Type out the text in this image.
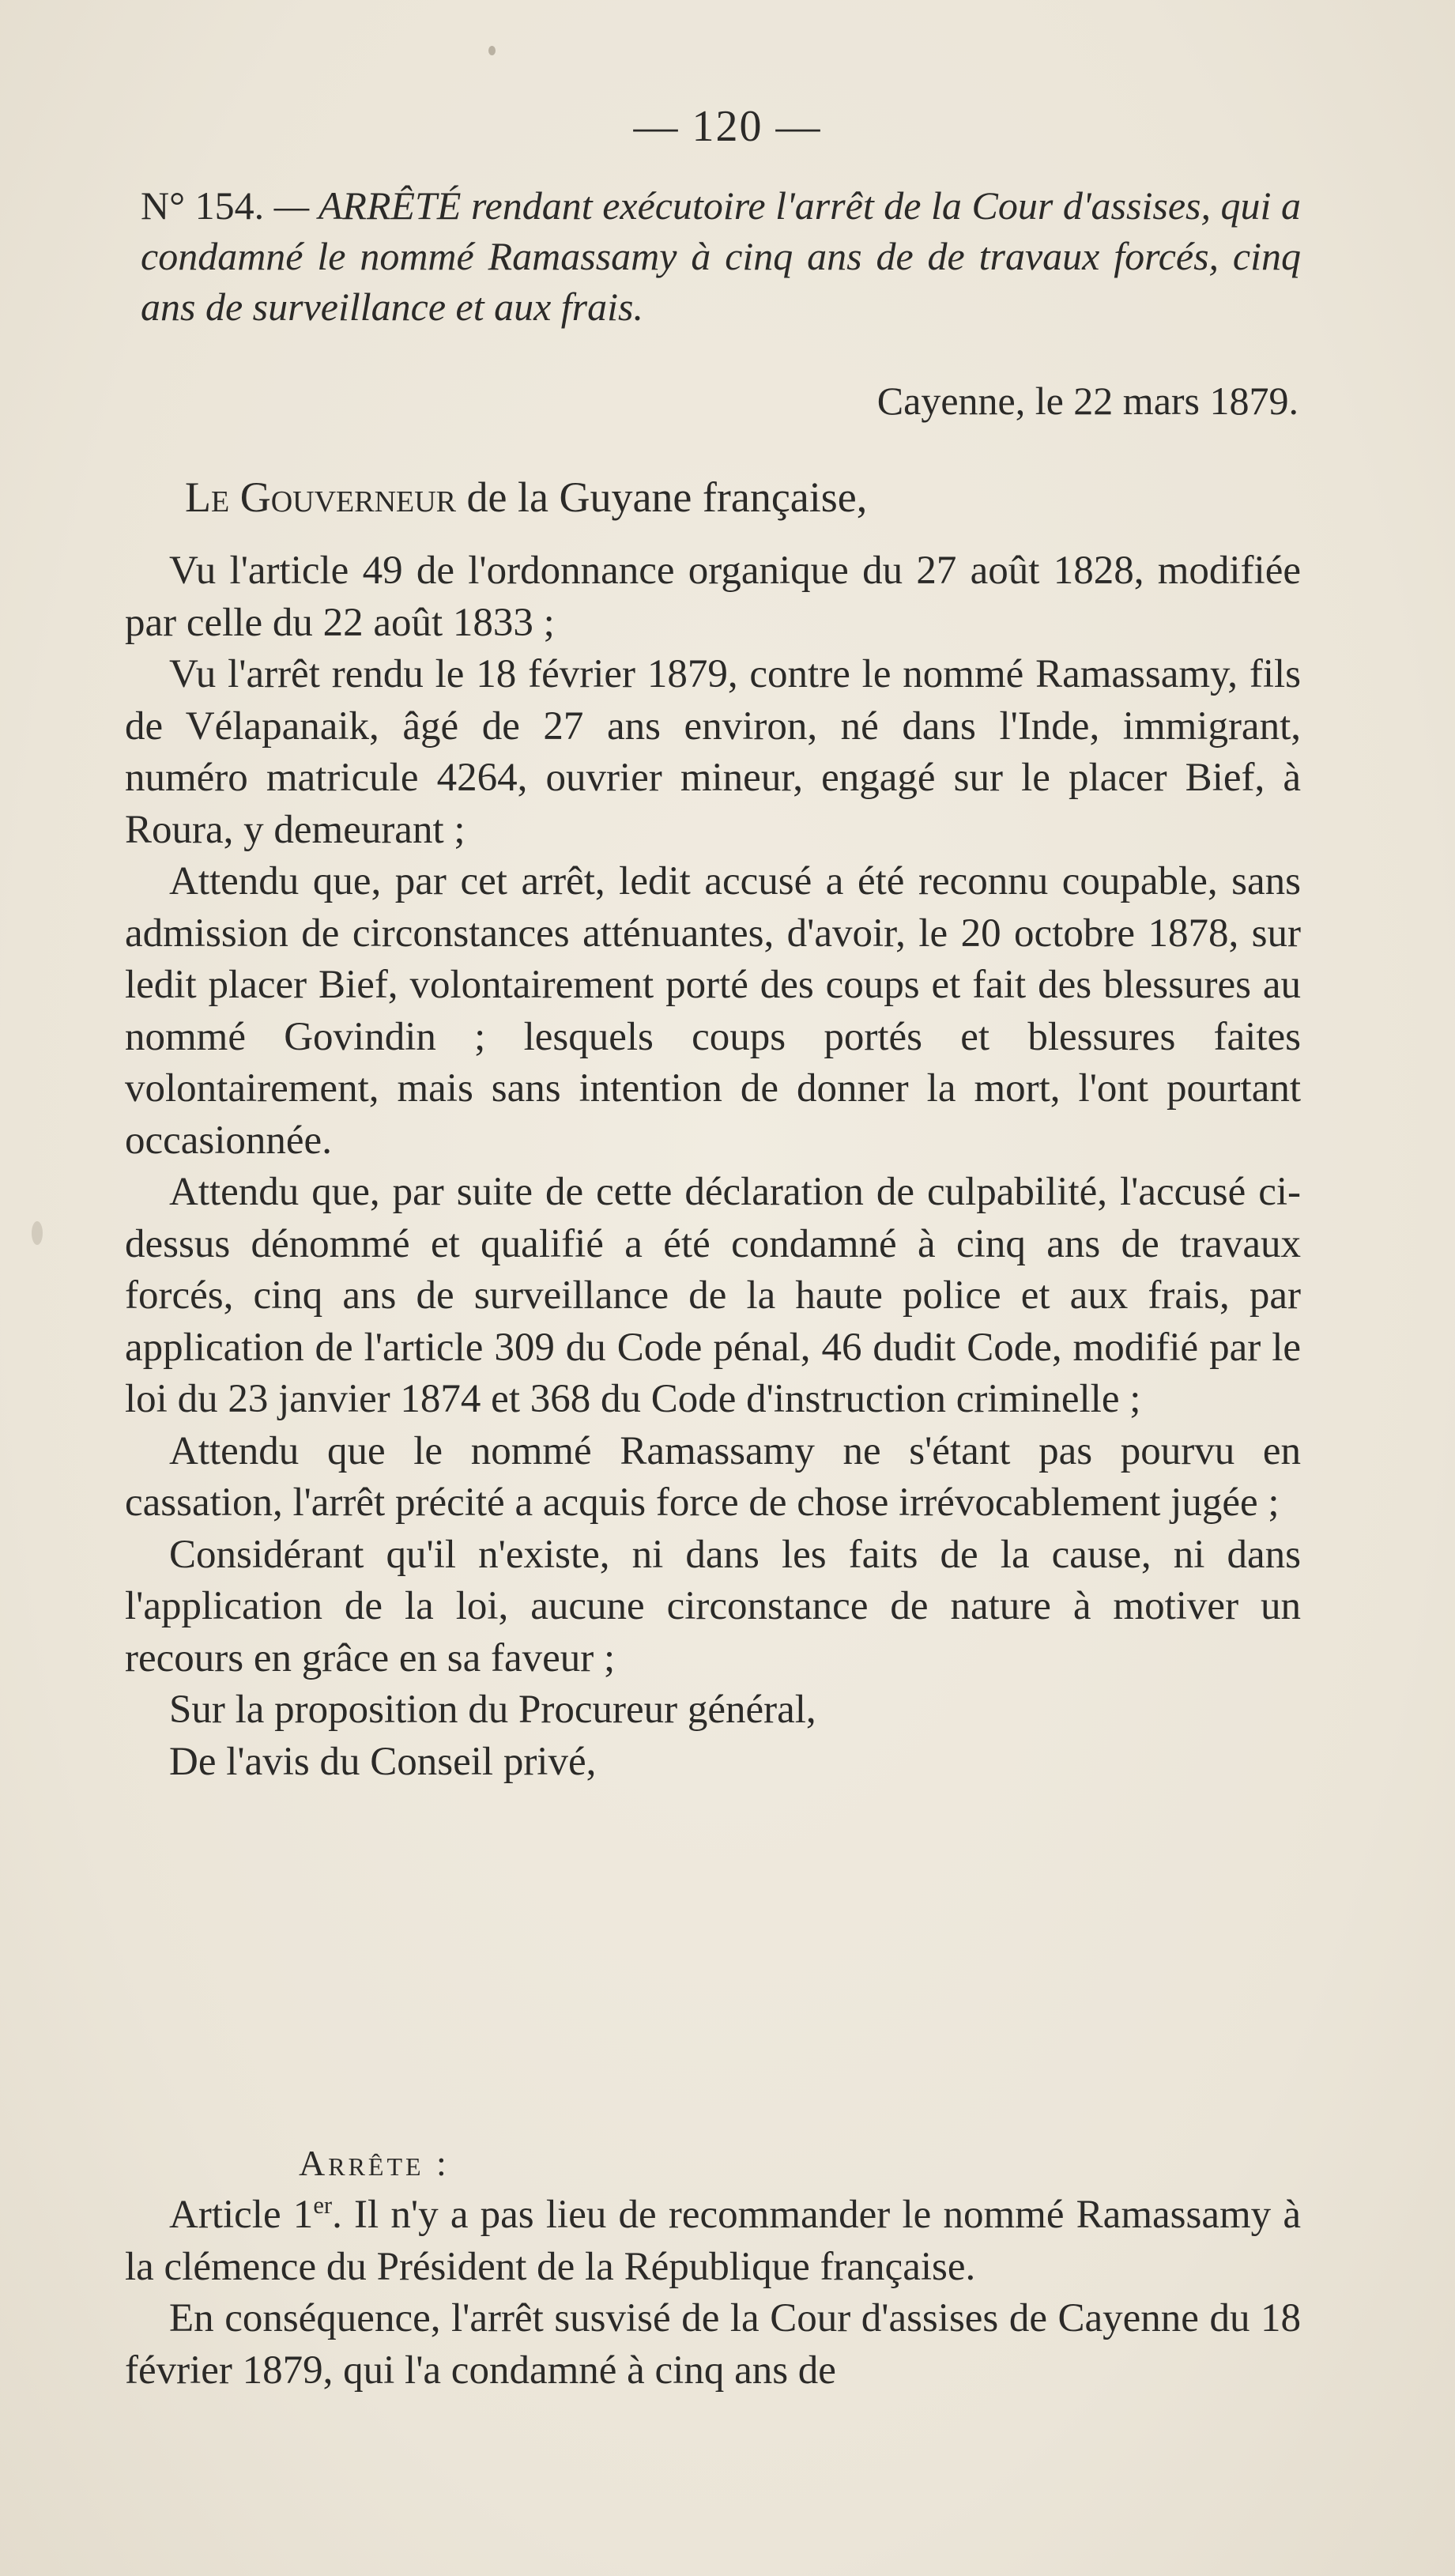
— 120 —
N° 154. — ARRÊTÉ rendant exécutoire l'arrêt de la Cour d'assises, qui a condamné le nommé Ramassamy à cinq ans de de travaux forcés, cinq ans de surveillance et aux frais.
Cayenne, le 22 mars 1879.
Le Gouverneur de la Guyane française,

Vu l'article 49 de l'ordonnance organique du 27 août 1828, modifiée par celle du 22 août 1833 ;

Vu l'arrêt rendu le 18 février 1879, contre le nommé Ramassamy, fils de Vélapanaik, âgé de 27 ans environ, né dans l'Inde, immigrant, numéro matricule 4264, ouvrier mineur, engagé sur le placer Bief, à Roura, y demeurant ;

Attendu que, par cet arrêt, ledit accusé a été reconnu coupable, sans admission de circonstances atténuantes, d'avoir, le 20 octobre 1878, sur ledit placer Bief, volontairement porté des coups et fait des blessures au nommé Govindin ; lesquels coups portés et blessures faites volontairement, mais sans intention de donner la mort, l'ont pourtant occasionnée.

Attendu que, par suite de cette déclaration de culpabilité, l'accusé ci-dessus dénommé et qualifié a été condamné à cinq ans de travaux forcés, cinq ans de surveillance de la haute police et aux frais, par application de l'article 309 du Code pénal, 46 dudit Code, modifié par le loi du 23 janvier 1874 et 368 du Code d'instruction criminelle ;

Attendu que le nommé Ramassamy ne s'étant pas pourvu en cassation, l'arrêt précité a acquis force de chose irrévocablement jugée ;

Considérant qu'il n'existe, ni dans les faits de la cause, ni dans l'application de la loi, aucune circonstance de nature à motiver un recours en grâce en sa faveur ;

Sur la proposition du Procureur général,

De l'avis du Conseil privé,

Arrête :

Article 1er. Il n'y a pas lieu de recommander le nommé Ramassamy à la clémence du Président de la République française.

En conséquence, l'arrêt susvisé de la Cour d'assises de Cayenne du 18 février 1879, qui l'a condamné à cinq ans de
